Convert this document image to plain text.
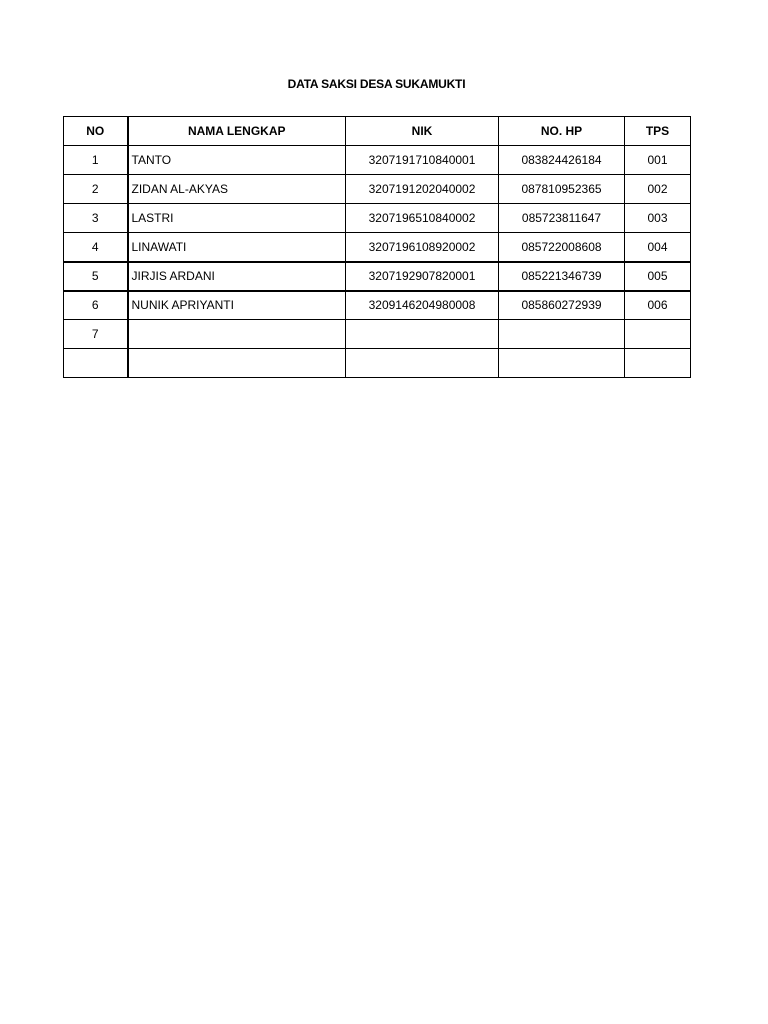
DATA SAKSI DESA SUKAMUKTI
NO	NAMA LENGKAP	NIK	NO. HP	TPS
1	TANTO	3207191710840001	083824426184	001
2	ZIDAN AL-AKYAS	3207191202040002	087810952365	002
3	LASTRI	3207196510840002	085723811647	003
4	LINAWATI	3207196108920002	085722008608	004
5	JIRJIS ARDANI	3207192907820001	085221346739	005
6	NUNIK APRIYANTI	3209146204980008	085860272939	006
7				
